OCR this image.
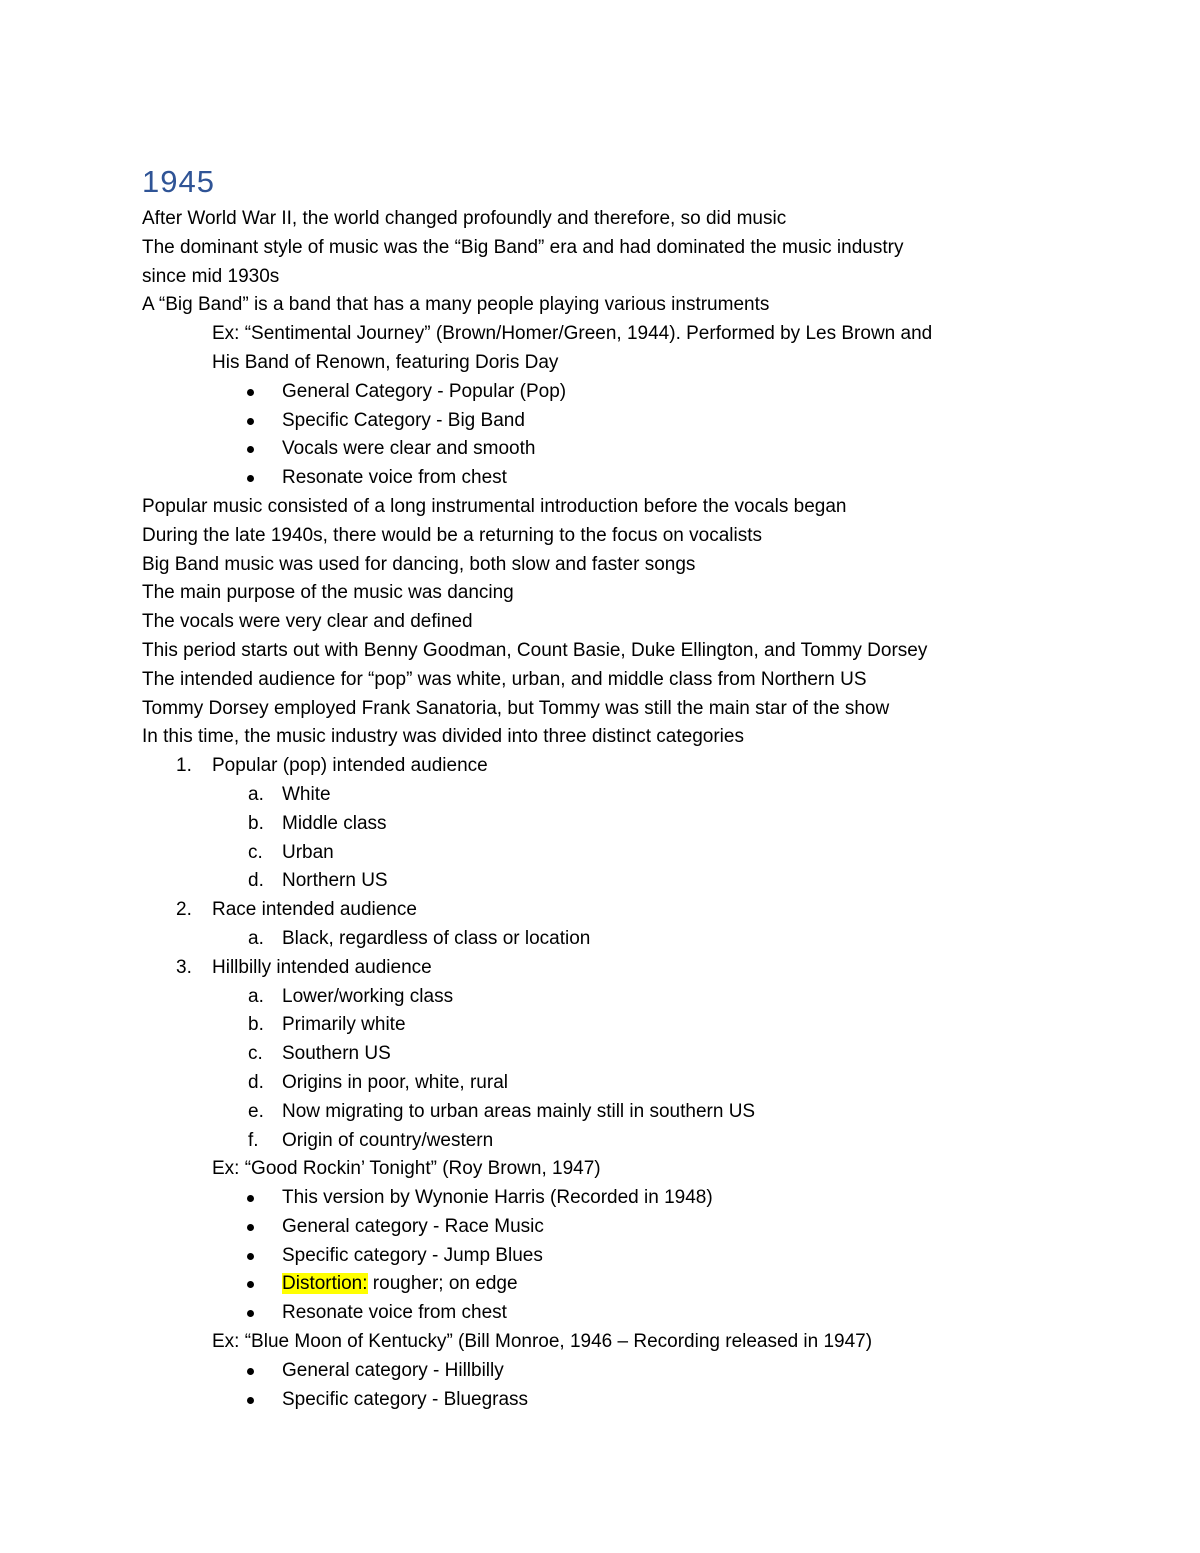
1945
After World War II, the world changed profoundly and therefore, so did music
The dominant style of music was the “Big Band” era and had dominated the music industry
since mid 1930s
A “Big Band” is a band that has a many people playing various instruments
Ex: “Sentimental Journey” (Brown/Homer/Green, 1944). Performed by Les Brown and
His Band of Renown, featuring Doris Day
General Category - Popular (Pop)
Specific Category - Big Band
Vocals were clear and smooth
Resonate voice from chest
Popular music consisted of a long instrumental introduction before the vocals began
During the late 1940s, there would be a returning to the focus on vocalists
Big Band music was used for dancing, both slow and faster songs
The main purpose of the music was dancing
The vocals were very clear and defined
This period starts out with Benny Goodman, Count Basie, Duke Ellington, and Tommy Dorsey
The intended audience for “pop” was white, urban, and middle class from Northern US
Tommy Dorsey employed Frank Sanatoria, but Tommy was still the main star of the show
In this time, the music industry was divided into three distinct categories
1. Popular (pop) intended audience
a. White
b. Middle class
c. Urban
d. Northern US
2. Race intended audience
a. Black, regardless of class or location
3. Hillbilly intended audience
a. Lower/working class
b. Primarily white
c. Southern US
d. Origins in poor, white, rural
e. Now migrating to urban areas mainly still in southern US
f. Origin of country/western
Ex: “Good Rockin’ Tonight” (Roy Brown, 1947)
This version by Wynonie Harris (Recorded in 1948)
General category - Race Music
Specific category - Jump Blues
Distortion: rougher; on edge
Resonate voice from chest
Ex: “Blue Moon of Kentucky” (Bill Monroe, 1946 – Recording released in 1947)
General category - Hillbilly
Specific category - Bluegrass
